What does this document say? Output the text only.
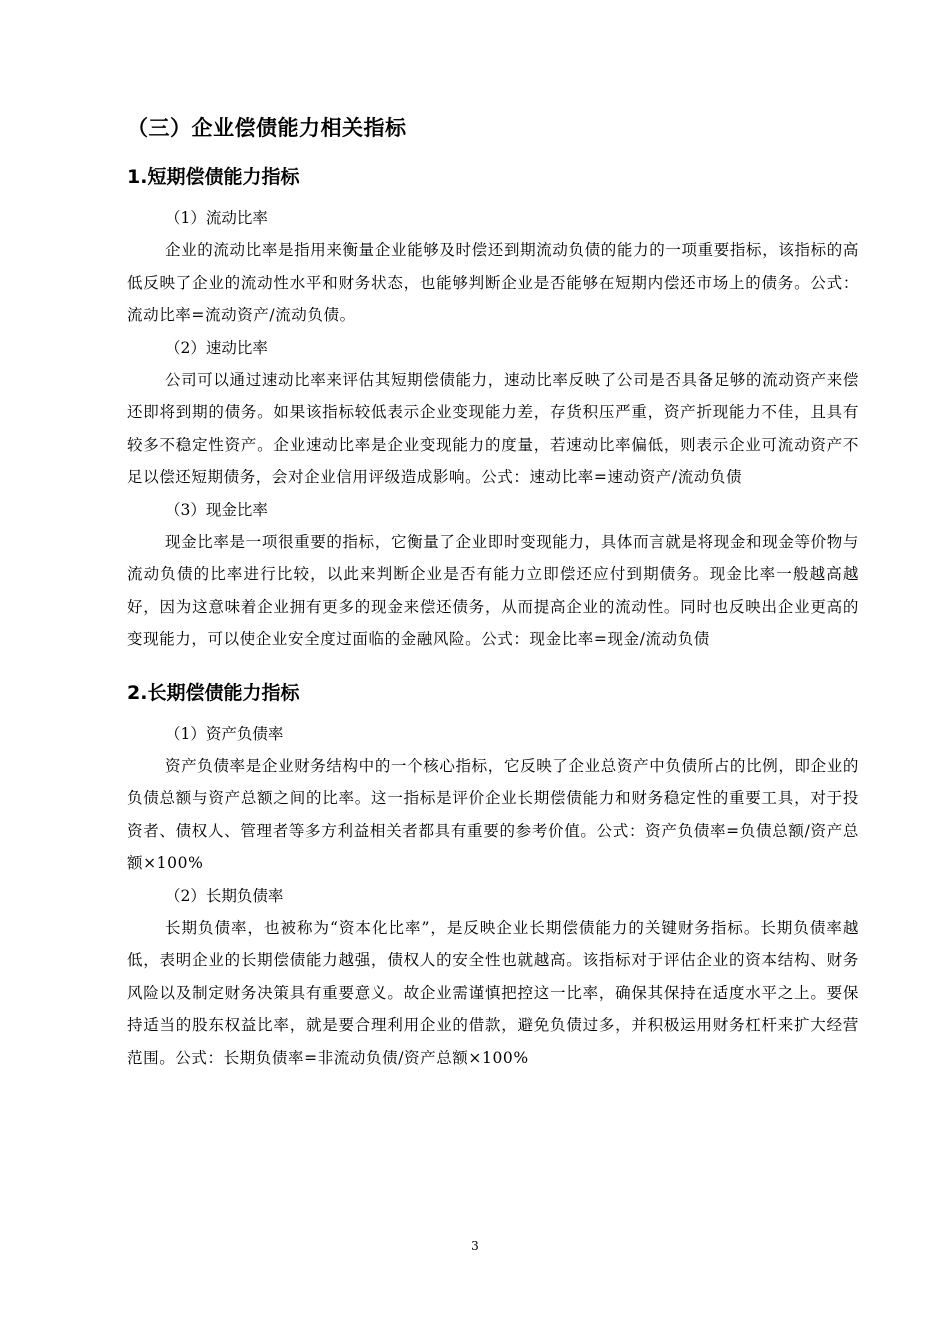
（三）企业偿债能力相关指标
1.短期偿债能力指标
（1）流动比率

企业的流动比率是指用来衡量企业能够及时偿还到期流动负债的能力的一项重要指标，该指标的高低反映了企业的流动性水平和财务状态，也能够判断企业是否能够在短期内偿还市场上的债务。公式：流动比率=流动资产/流动负债。

（2）速动比率

公司可以通过速动比率来评估其短期偿债能力，速动比率反映了公司是否具备足够的流动资产来偿还即将到期的债务。如果该指标较低表示企业变现能力差，存货积压严重，资产折现能力不佳，且具有较多不稳定性资产。企业速动比率是企业变现能力的度量，若速动比率偏低，则表示企业可流动资产不足以偿还短期债务，会对企业信用评级造成影响。公式：速动比率=速动资产/流动负债

（3）现金比率

现金比率是一项很重要的指标，它衡量了企业即时变现能力，具体而言就是将现金和现金等价物与流动负债的比率进行比较，以此来判断企业是否有能力立即偿还应付到期债务。现金比率一般越高越好，因为这意味着企业拥有更多的现金来偿还债务，从而提高企业的流动性。同时也反映出企业更高的变现能力，可以使企业安全度过面临的金融风险。公式：现金比率=现金/流动负债

2.长期偿债能力指标
（1）资产负债率

资产负债率是企业财务结构中的一个核心指标，它反映了企业总资产中负债所占的比例，即企业的负债总额与资产总额之间的比率。这一指标是评价企业长期偿债能力和财务稳定性的重要工具，对于投资者、债权人、管理者等多方利益相关者都具有重要的参考价值。公式：资产负债率=负债总额/资产总额×100%

（2）长期负债率

长期负债率，也被称为“资本化比率”，是反映企业长期偿债能力的关键财务指标。长期负债率越低，表明企业的长期偿债能力越强，债权人的安全性也就越高。该指标对于评估企业的资本结构、财务风险以及制定财务决策具有重要意义。故企业需谨慎把控这一比率，确保其保持在适度水平之上。要保持适当的股东权益比率，就是要合理利用企业的借款，避免负债过多，并积极运用财务杠杆来扩大经营范围。公式：长期负债率=非流动负债/资产总额×100%

3
